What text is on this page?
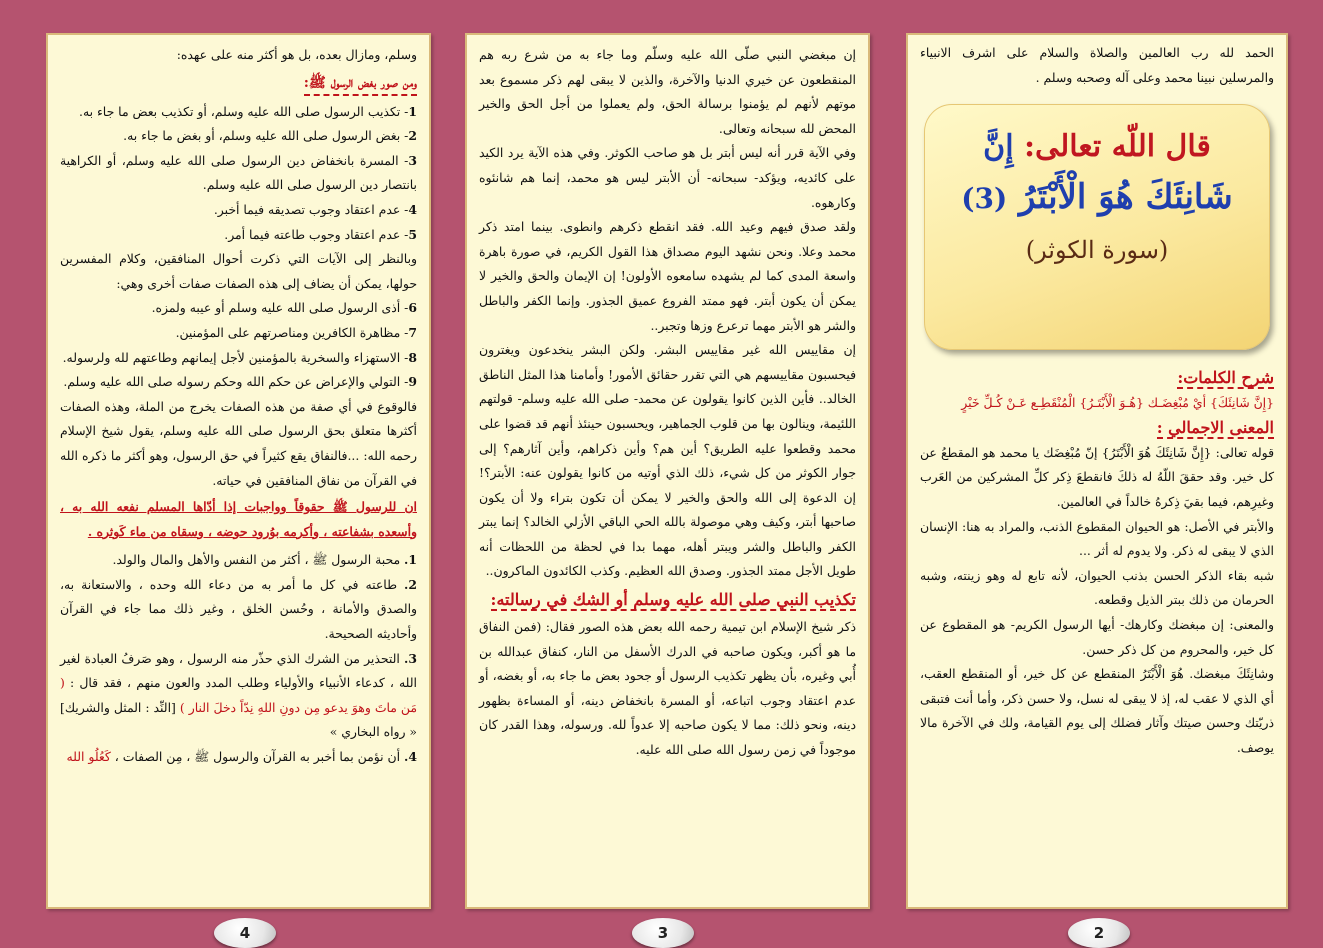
الحمد لله رب العالمين والصلاة والسلام على اشرف الانبياء والمرسلين نبينا محمد وعلى آله وصحبه وسلم .

قال اللّه تعالى: إِنَّ
شَانِئَكَ هُوَ الْأَبْتَرُ (3)
(سورة الكوثر)
شرح الكلمات:

{إِنَّ شَانِئَكَ} أيْ مُبْغِضَـك {هُـوَ الْأَبْتَـرُ} الْمُنْقَطِـع عَـنْ كُـلِّ خَيْرٍ

المعنى الاجمالي :

قوله تعالى: {إِنَّ شَانِئَكَ هُوَ الْأَبْتَرُ} إنّ مُبْغِضَك يا محمد هو المقطعُ عن كل خير. وقد حققَ اللّهُ له ذلكَ فانقطعَ ذِكر كلِّ المشركين من العَرب وغيرِهم، فيما بقيَ ذِكرهُ خالداً في العالمين.

والأبتر في الأصل: هو الحيوان المقطوع الذنب، والمراد به هنا: الإنسان الذي لا يبقى له ذكر. ولا يدوم له أثر ...

شبه بقاء الذكر الحسن بذنب الحيوان، لأنه تابع له وهو زينته، وشبه الحرمان من ذلك ببتر الذيل وقطعه.

والمعنى: إن مبغضك وكارهك- أيها الرسول الكريم- هو المقطوع عن كل خير، والمحروم من كل ذكر حسن.

وشانِئَكَ مبغضك. هُوَ الْأَبْتَرُ المنقطع عن كل خير، أو المنقطع العقب، أي الذي لا عقب له، إذ لا يبقى له نسل، ولا حسن ذكر، وأما أنت فتبقى ذريّتك وحسن صيتك وآثار فضلك إلى يوم القيامة، ولك في الآخرة مالا يوصف.

2

إن مبغضي النبي صلّى الله عليه وسلّم وما جاء به من شرع ربه هم المنقطعون عن خيري الدنيا والآخرة، والذين لا يبقى لهم ذكر مسموع بعد موتهم لأنهم لم يؤمنوا برسالة الحق، ولم يعملوا من أجل الحق والخير المحض لله سبحانه وتعالى.

وفي الآية قرر أنه ليس أبتر بل هو صاحب الكوثر. وفي هذه الآية يرد الكيد على كائديه، ويؤكد- سبحانه- أن الأبتر ليس هو محمد، إنما هم شانئوه وكارهوه.

ولقد صدق فيهم وعيد الله. فقد انقطع ذكرهم وانطوى. بينما امتد ذكر محمد وعلا. ونحن نشهد اليوم مصداق هذا القول الكريم، في صورة باهرة واسعة المدى كما لم يشهده سامعوه الأولون! إن الإيمان والحق والخير لا يمكن أن يكون أبتر. فهو ممتد الفروع عميق الجذور. وإنما الكفر والباطل والشر هو الأبتر مهما ترعرع وزها وتجبر..

إن مقاييس الله غير مقاييس البشر. ولكن البشر ينخدعون ويغترون فيحسبون مقاييسهم هي التي تقرر حقائق الأمور! وأمامنا هذا المثل الناطق الخالد.. فأين الذين كانوا يقولون عن محمد- صلى الله عليه وسلم- قولتهم اللئيمة، وينالون بها من قلوب الجماهير، ويحسبون حينئذ أنهم قد قضوا على محمد وقطعوا عليه الطريق؟ أين هم؟ وأين ذكراهم، وأين آثارهم؟ إلى جوار الكوثر من كل شيء، ذلك الذي أوتيه من كانوا يقولون عنه: الأبتر؟! إن الدعوة إلى الله والحق والخير لا يمكن أن تكون بتراء ولا أن يكون صاحبها أبتر، وكيف وهي موصولة بالله الحي الباقي الأزلي الخالد؟ إنما يبتر الكفر والباطل والشر ويبتر أهله، مهما بدا في لحظة من اللحظات أنه طويل الأجل ممتد الجذور. وصدق الله العظيم. وكذب الكائدون الماكرون..

تكذيب النبي صلى الله عليه وسلم أو الشك في رسالته:

ذكر شيخ الإسلام ابن تيمية رحمه الله بعض هذه الصور فقال: (فمن النفاق ما هو أكبر، ويكون صاحبه في الدرك الأسفل من النار، كنفاق عبدالله بن أُبي وغيره، بأن يظهر تكذيب الرسول أو جحود بعض ما جاء به، أو بغضه، أو عدم اعتقاد وجوب اتباعه، أو المسرة بانخفاض دينه، أو المساءة بظهور دينه، ونحو ذلك: مما لا يكون صاحبه إلا عدواً لله. ورسوله، وهذا القدر كان موجوداً في زمن رسول الله صلى الله عليه.

3

وسلم، ومازال بعده، بل هو أكثر منه على عهده:

ومن صور بغض الرسول ﷺ:

1- تكذيب الرسول صلى الله عليه وسلم، أو تكذيب بعض ما جاء به.

2- بغض الرسول صلى الله عليه وسلم، أو بغض ما جاء به.

3- المسرة بانخفاض دين الرسول صلى الله عليه وسلم، أو الكراهية بانتصار دين الرسول صلى الله عليه وسلم.

4- عدم اعتقاد وجوب تصديقه فيما أخبر.

5- عدم اعتقاد وجوب طاعته فيما أمر.

وبالنظر إلى الآيات التي ذكرت أحوال المنافقين، وكلام المفسرين حولها، يمكن أن يضاف إلى هذه الصفات صفات أخرى وهي:

6- أذى الرسول صلى الله عليه وسلم أو عيبه ولمزه.

7- مظاهرة الكافرين ومناصرتهم على المؤمنين.

8- الاستهزاء والسخرية بالمؤمنين لأجل إيمانهم وطاعتهم لله ولرسوله.

9- التولي والإعراض عن حكم الله وحكم رسوله صلى الله عليه وسلم.

فالوقوع في أي صفة من هذه الصفات يخرج من الملة، وهذه الصفات أكثرها متعلق بحق الرسول صلى الله عليه وسلم، يقول شيخ الإسلام رحمه الله: ...فالنفاق يقع كثيراً في حق الرسول، وهو أكثر ما ذكره الله في القرآن من نفاق المنافقين في حياته.

ان للرسول ﷺ حقوقاً وواجبات إذا أدّاها المسلم نفعه الله به ، وأسعده بشفاعته ، وأكرمه بوُرود حوضه ، وسقاه من ماء كَوثره .

1. محبة الرسول ﷺ ، أكثر من النفس والأهل والمال والولد.

2. طاعته في كل ما أمر به من دعاء الله وحده ، والاستعانة به، والصدق والأمانة ، وحُسن الخلق ، وغير ذلك مما جاء في القرآن وأحاديثه الصحيحة.

3. التحذير من الشرك الذي حذّر منه الرسول ، وهو صَرفُ العبادة لغير الله ، كدعاء الأنبياء والأولياء وطلب المدد والعون منهم ، فقد قال : ( مَن ماتَ وهوَ يدعو مِن دونِ اللهِ نِدّاً دخلَ النار ) [النِّد : المثل والشريك] « رواه البخاري »

4. أن نؤمن بما أخبر به القرآن والرسول ﷺ ، مِن الصفات ، كَعُلُو الله

4
